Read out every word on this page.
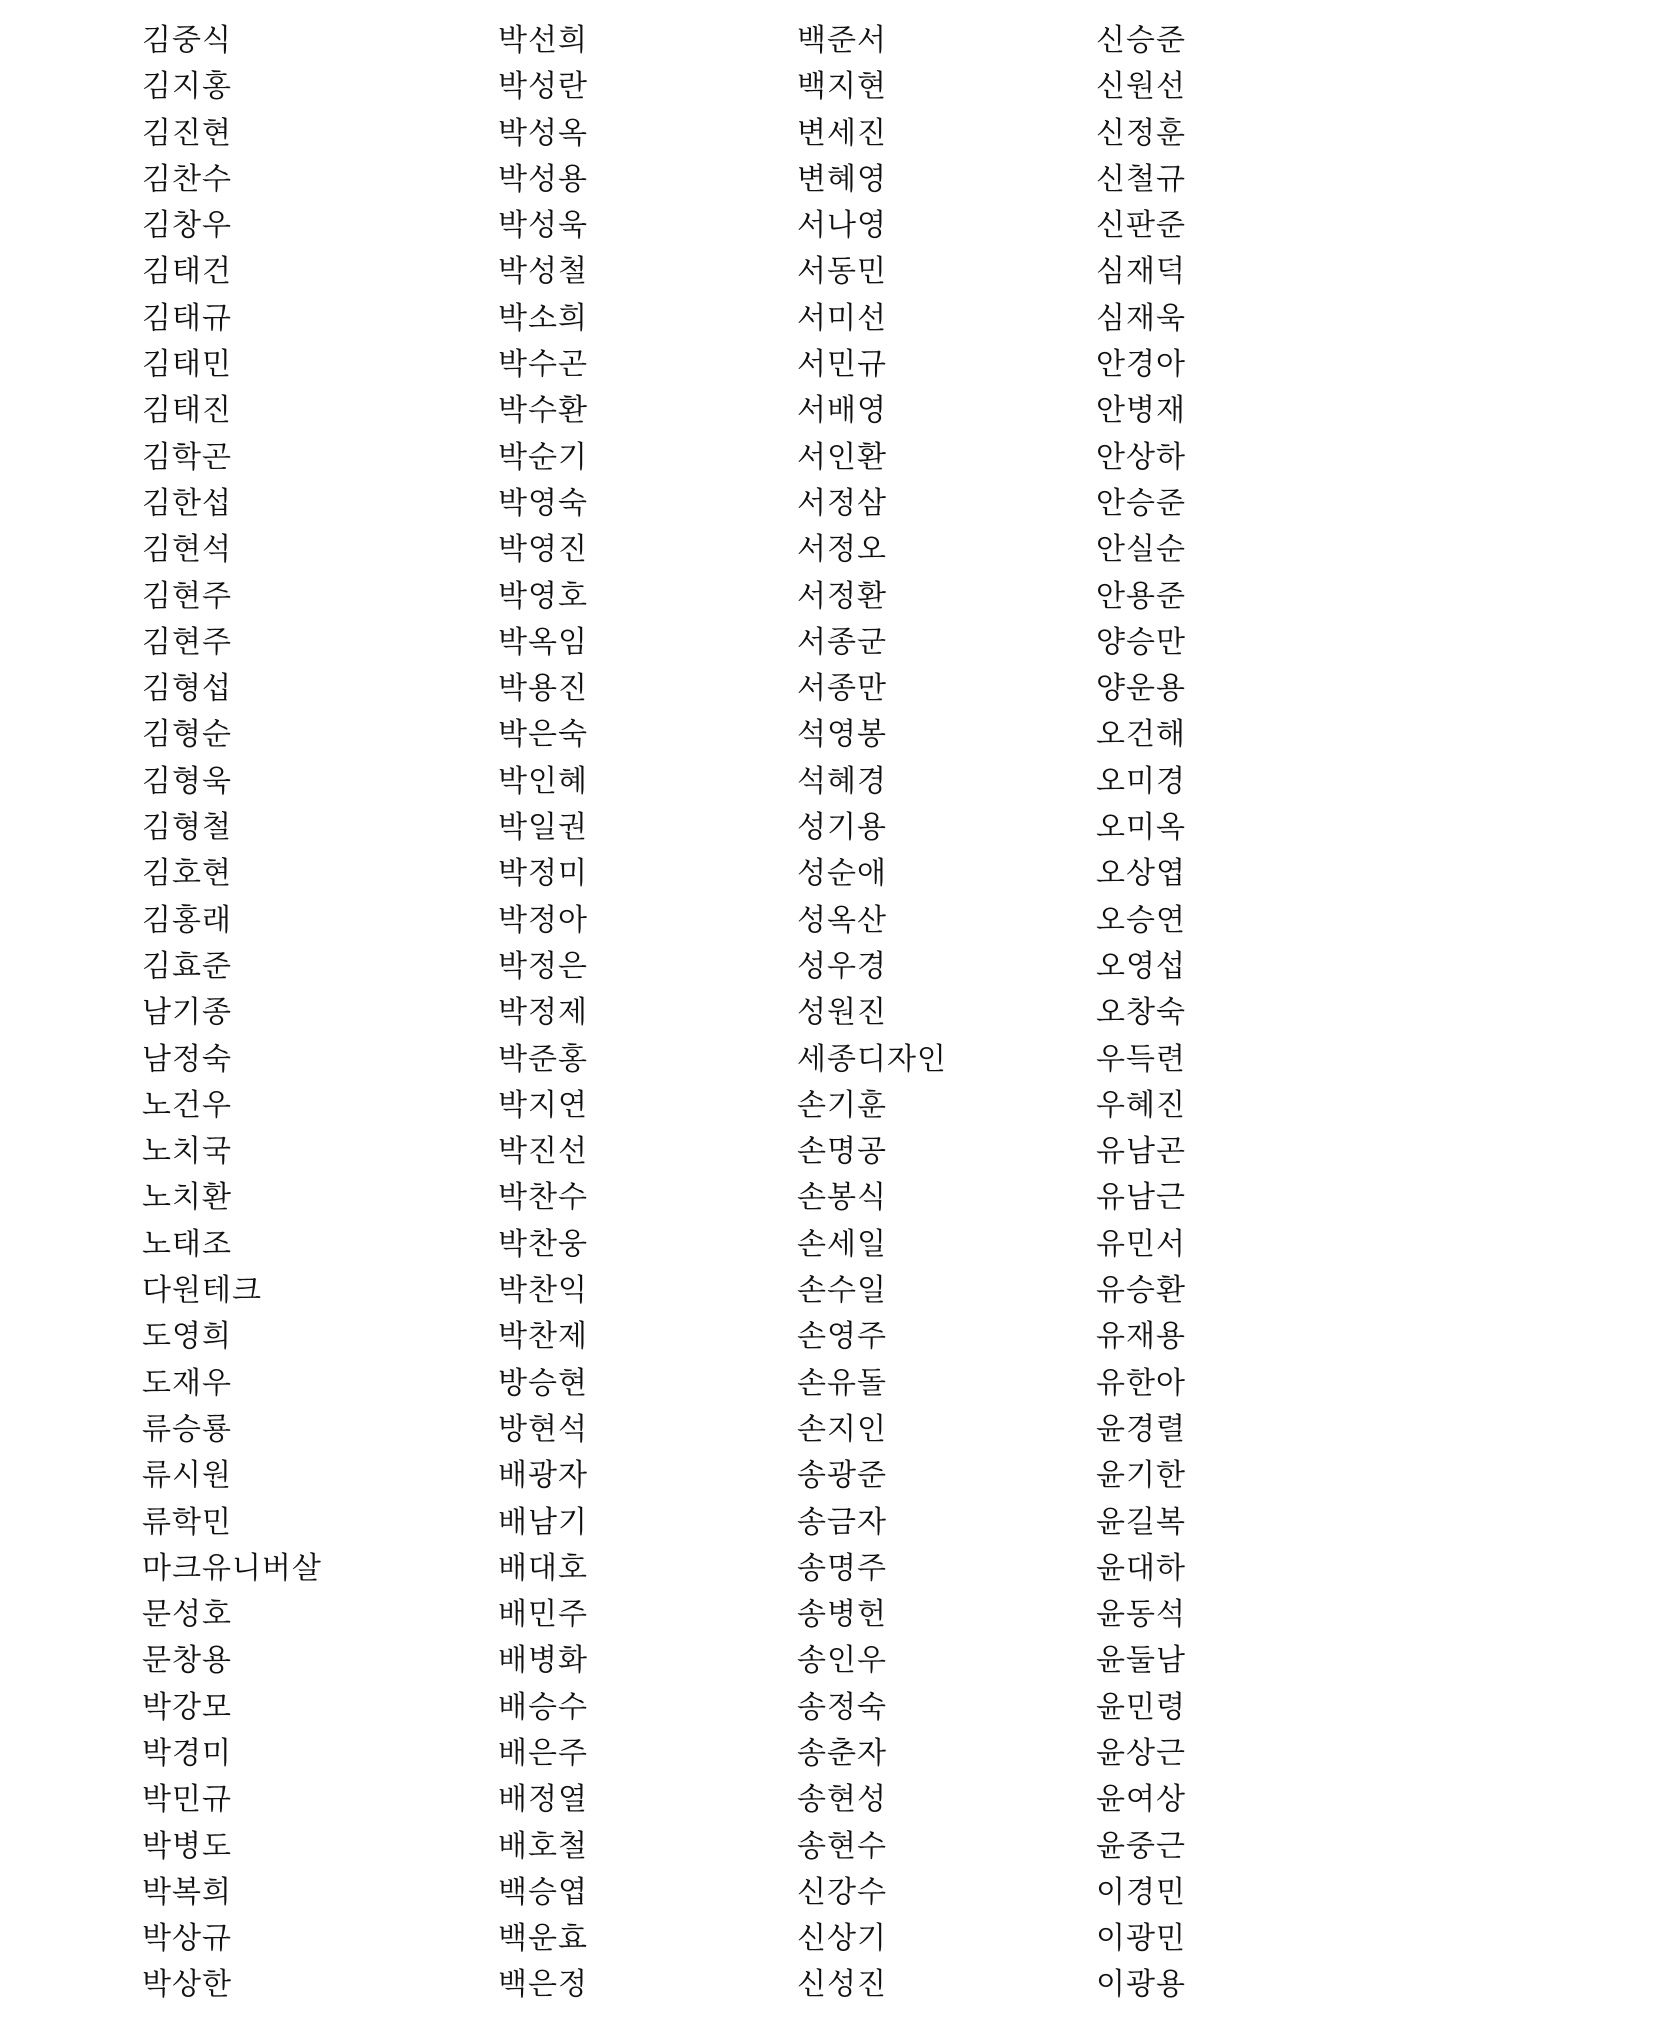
김중식
김지홍
김진현
김찬수
김창우
김태건
김태규
김태민
김태진
김학곤
김한섭
김현석
김현주
김현주
김형섭
김형순
김형욱
김형철
김호현
김홍래
김효준
남기종
남정숙
노건우
노치국
노치환
노태조
다원테크
도영희
도재우
류승룡
류시원
류학민
마크유니버살
문성호
문창용
박강모
박경미
박민규
박병도
박복희
박상규
박상한
박선희
박성란
박성옥
박성용
박성욱
박성철
박소희
박수곤
박수환
박순기
박영숙
박영진
박영호
박옥임
박용진
박은숙
박인혜
박일권
박정미
박정아
박정은
박정제
박준홍
박지연
박진선
박찬수
박찬웅
박찬익
박찬제
방승현
방현석
배광자
배남기
배대호
배민주
배병화
배승수
배은주
배정열
배호철
백승엽
백운효
백은정
백준서
백지현
변세진
변혜영
서나영
서동민
서미선
서민규
서배영
서인환
서정삼
서정오
서정환
서종군
서종만
석영봉
석혜경
성기용
성순애
성옥산
성우경
성원진
세종디자인
손기훈
손명공
손봉식
손세일
손수일
손영주
손유돌
손지인
송광준
송금자
송명주
송병헌
송인우
송정숙
송춘자
송현성
송현수
신강수
신상기
신성진
신승준
신원선
신정훈
신철규
신판준
심재덕
심재욱
안경아
안병재
안상하
안승준
안실순
안용준
양승만
양운용
오건해
오미경
오미옥
오상엽
오승연
오영섭
오창숙
우득련
우혜진
유남곤
유남근
유민서
유승환
유재용
유한아
윤경렬
윤기한
윤길복
윤대하
윤동석
윤둘남
윤민령
윤상근
윤여상
윤중근
이경민
이광민
이광용
